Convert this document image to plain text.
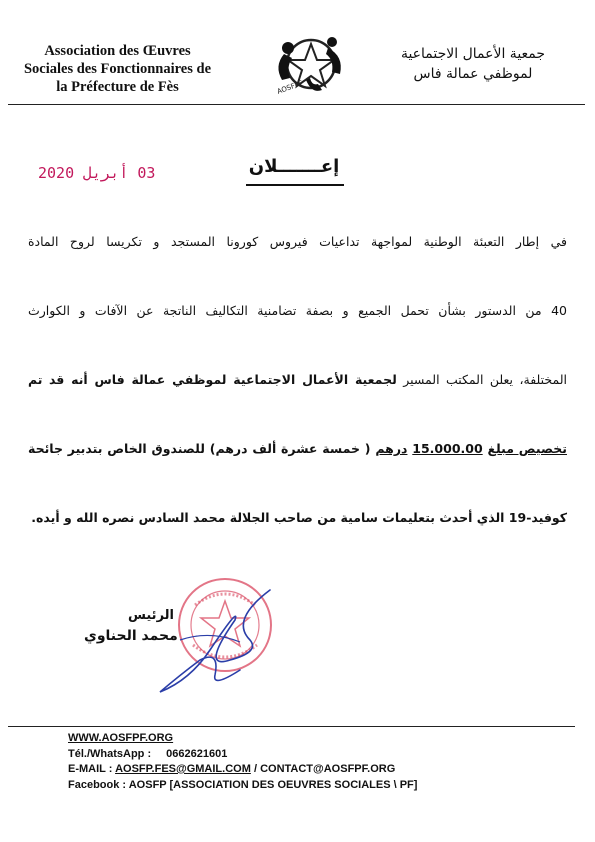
Association des Œuvres
Sociales des Fonctionnaires de
la Préfecture de Fès	AOSFPF
جمعية الأعمال الاجتماعية
لموظفي عمالة فاس
03 أبريل 2020	إعـــــــلان
في إطار التعبئة الوطنية لمواجهة تداعيات فيروس كورونا المستجد و تكريسا لروح المادة
40 من الدستور بشأن تحمل الجميع و بصفة تضامنية التكاليف الناتجة عن الآفات و الكوارث
المختلفة، يعلن المكتب المسير لجمعية الأعمال الاجتماعية لموظفي عمالة فاس أنه قد تم
تخصيص مبلغ 15.000.00 درهم ( خمسة عشرة ألف درهم) للصندوق الخاص بتدبير جائحة
كوفيد-19 الذي أحدث بتعليمات سامية من صاحب الجلالة محمد السادس نصره الله و أيده.
الرئيس
محمد الحناوي
WWW.AOSFPF.ORG
Tél./WhatsApp : 0662621601
E-MAIL : AOSFP.FES@GMAIL.COM / CONTACT@AOSFPF.ORG
Facebook : AOSFP [ASSOCIATION DES OEUVRES SOCIALES \ PF]
